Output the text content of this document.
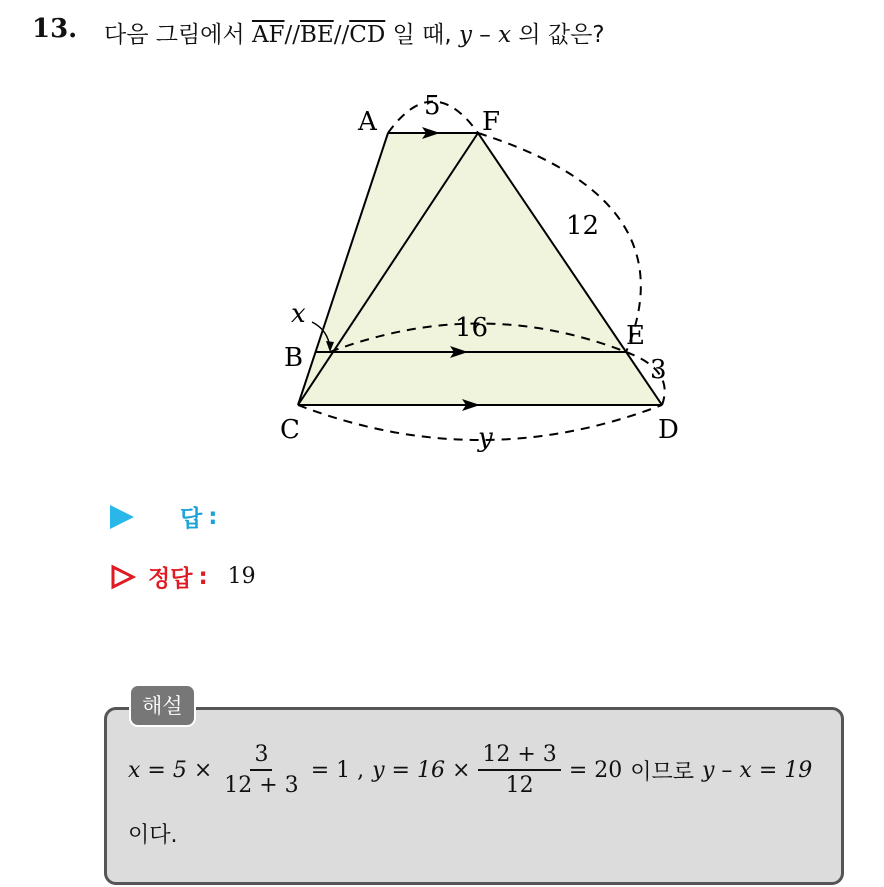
13. 다음 그림에서 $\overline{AF}//\overline{BE}//\overline{CD}$ 일 때, y – x 의 값은?
A	F
B
E
C	D
5
12
16
3
y
x
답 :
정답 : 19
해설
$x = 5 \times \frac{3}{12 + 3} = 1$ , $y = 16 \times \frac{12 + 3}{12} = 20$ 이므로 y – x = 19
이다.
